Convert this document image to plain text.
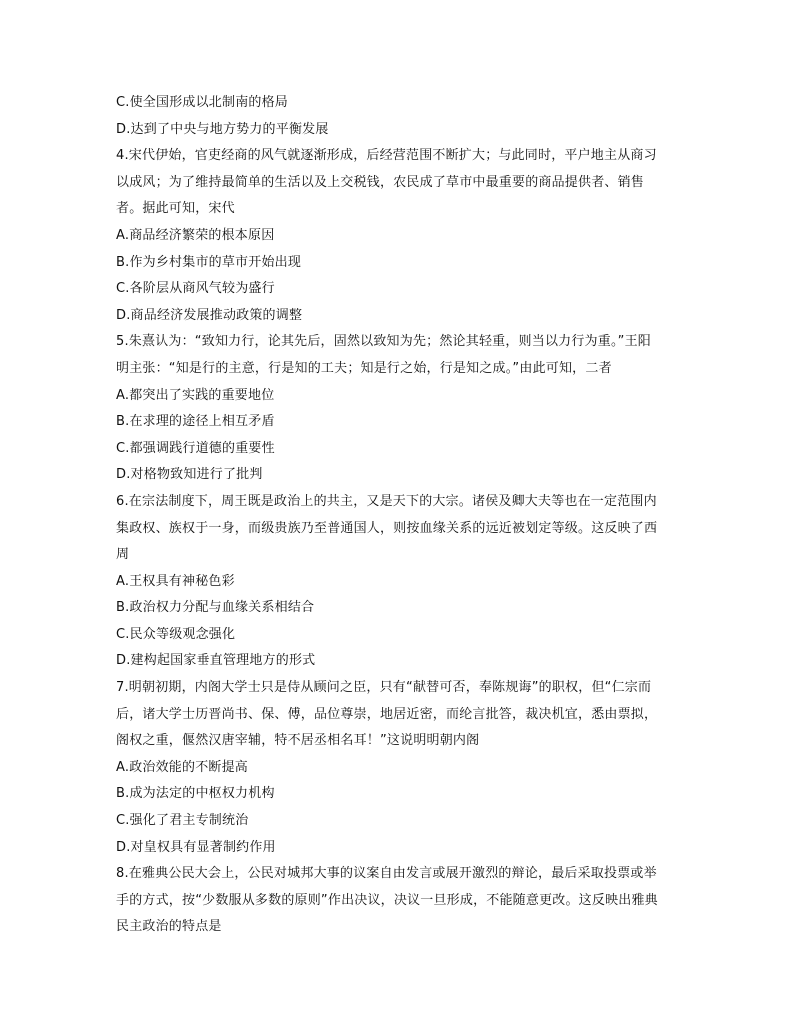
C.使全国形成以北制南的格局
D.达到了中央与地方势力的平衡发展
4.宋代伊始，官吏经商的风气就逐渐形成，后经营范围不断扩大；与此同时，平户地主从商习
以成风；为了维持最简单的生活以及上交税钱，农民成了草市中最重要的商品提供者、销售
者。据此可知，宋代
A.商品经济繁荣的根本原因
B.作为乡村集市的草市开始出现
C.各阶层从商风气较为盛行
D.商品经济发展推动政策的调整
5.朱熹认为：“致知力行，论其先后，固然以致知为先；然论其轻重，则当以力行为重。”王阳
明主张：“知是行的主意，行是知的工夫；知是行之始，行是知之成。”由此可知，二者
A.都突出了实践的重要地位
B.在求理的途径上相互矛盾
C.都强调践行道德的重要性
D.对格物致知进行了批判
6.在宗法制度下，周王既是政治上的共主，又是天下的大宗。诸侯及卿大夫等也在一定范围内
集政权、族权于一身，而级贵族乃至普通国人，则按血缘关系的远近被划定等级。这反映了西
周
A.王权具有神秘色彩
B.政治权力分配与血缘关系相结合
C.民众等级观念强化
D.建构起国家垂直管理地方的形式
7.明朝初期，内阁大学士只是侍从顾问之臣，只有“献替可否，奉陈规诲”的职权，但“仁宗而
后，诸大学士历晋尚书、保、傅，品位尊崇，地居近密，而纶言批答，裁决机宜，悉由票拟，
阁权之重，偃然汉唐宰辅，特不居丞相名耳！”这说明明朝内阁
A.政治效能的不断提高
B.成为法定的中枢权力机构
C.强化了君主专制统治
D.对皇权具有显著制约作用
8.在雅典公民大会上，公民对城邦大事的议案自由发言或展开激烈的辩论，最后采取投票或举
手的方式，按“少数服从多数的原则”作出决议，决议一旦形成，不能随意更改。这反映出雅典
民主政治的特点是
